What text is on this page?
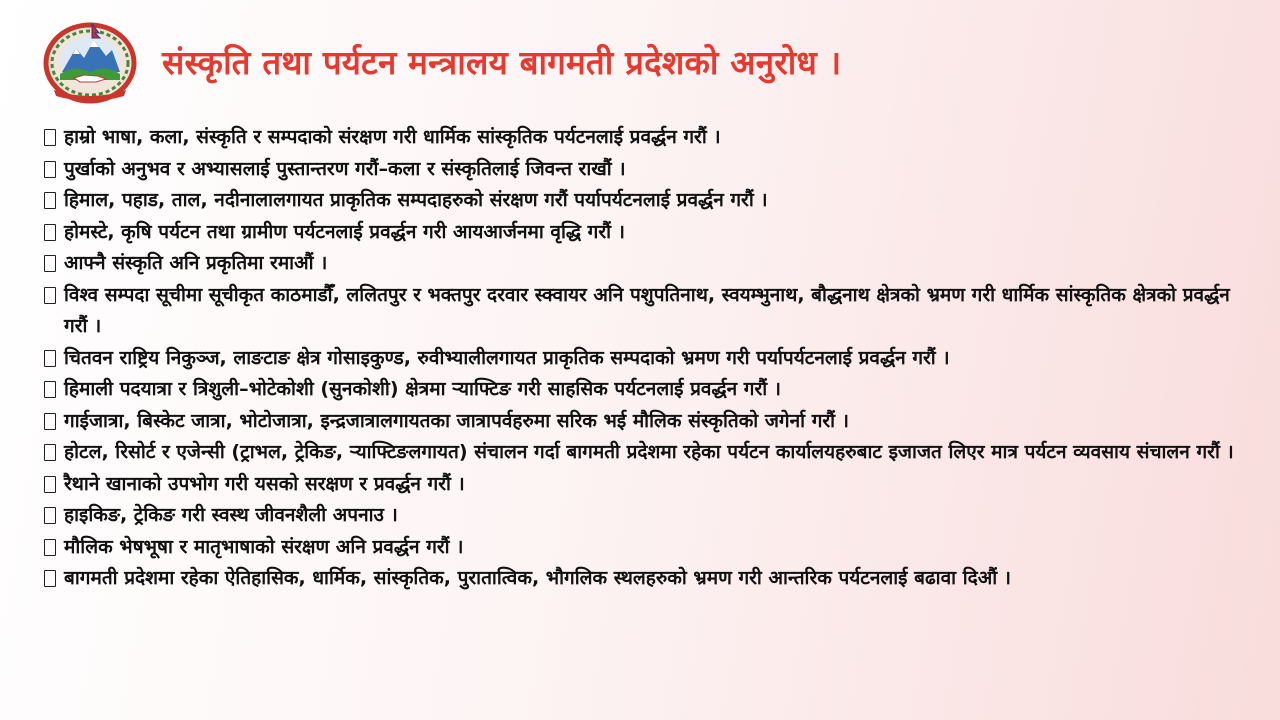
संस्कृति तथा पर्यटन मन्त्रालय बागमती प्रदेशको अनुरोध ।
हाम्रो भाषा, कला, संस्कृति र सम्पदाको संरक्षण गरी धार्मिक सांस्कृतिक पर्यटनलाई प्रवर्द्धन गरौं ।
पुर्खाको अनुभव र अभ्यासलाई पुस्तान्तरण गरौं–कला र संस्कृतिलाई जिवन्त राखौं ।
हिमाल, पहाड, ताल, नदीनालालगायत प्राकृतिक सम्पदाहरुको संरक्षण गरौं पर्यापर्यटनलाई प्रवर्द्धन गरौं ।
होमस्टे, कृषि पर्यटन तथा ग्रामीण पर्यटनलाई प्रवर्द्धन गरी आयआर्जनमा वृद्धि गरौं ।
आफ्नै संस्कृति अनि प्रकृतिमा रमाऔं ।
विश्व सम्पदा सूचीमा सूचीकृत काठमाडौँ, ललितपुर र भक्तपुर दरवार स्क्वायर अनि पशुपतिनाथ, स्वयम्भुनाथ, बौद्धनाथ क्षेत्रको भ्रमण गरी धार्मिक सांस्कृतिक क्षेत्रको प्रवर्द्धन गरौं ।
चितवन राष्ट्रिय निकुञ्ज, लाङटाङ क्षेत्र गोसाइकुण्ड, रुवीभ्यालीलगायत प्राकृतिक सम्पदाको भ्रमण गरी पर्यापर्यटनलाई प्रवर्द्धन गरौं ।
हिमाली पदयात्रा र त्रिशुली–भोटेकोशी (सुनकोशी) क्षेत्रमा र्‍याफ्टिङ गरी साहसिक पर्यटनलाई प्रवर्द्धन गरौं ।
गाईजात्रा, बिस्केट जात्रा, भोटोजात्रा, इन्द्रजात्रालगायतका जात्रापर्वहरुमा सरिक भई मौलिक संस्कृतिको जगेर्ना गरौं ।
होटल, रिसोर्ट र एजेन्सी (ट्राभल, ट्रेकिङ, र्‍याफ्टिङलगायत) संचालन गर्दा बागमती प्रदेशमा रहेका पर्यटन कार्यालयहरुबाट इजाजत लिएर मात्र पर्यटन व्यवसाय संचालन गरौं ।
रैथाने खानाको उपभोग गरी यसको सरक्षण र प्रवर्द्धन गरौं ।
हाइकिङ, ट्रेकिङ गरी स्वस्थ जीवनशैली अपनाउ ।
मौलिक भेषभूषा र मातृभाषाको संरक्षण अनि प्रवर्द्धन गरौं ।
बागमती प्रदेशमा रहेका ऐतिहासिक, धार्मिक, सांस्कृतिक, पुरातात्विक, भौगलिक स्थलहरुको भ्रमण गरी आन्तरिक पर्यटनलाई बढावा दिऔं ।
